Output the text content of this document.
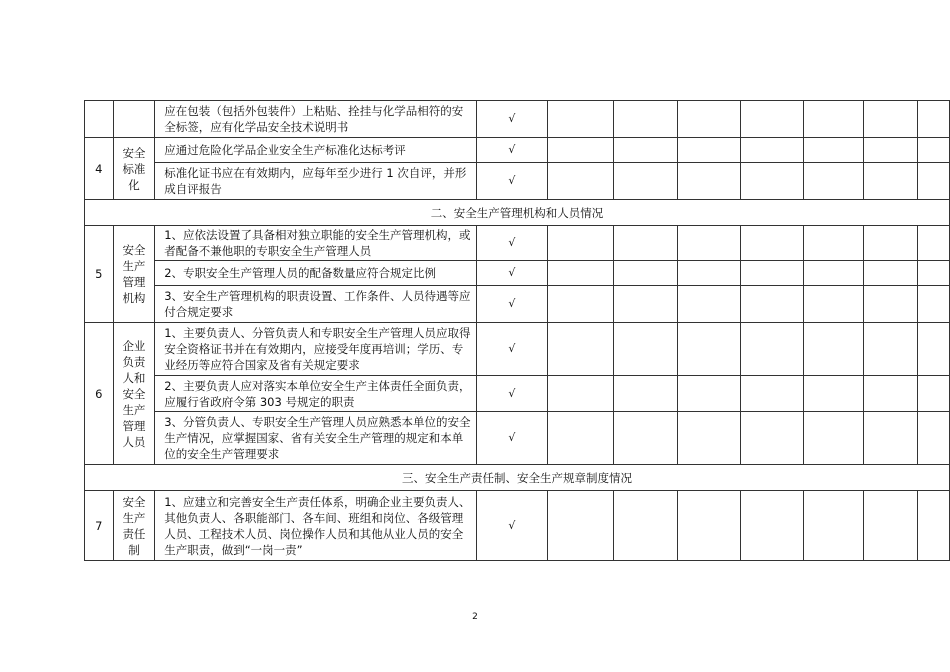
		应在包装（包括外包装件）上粘贴、拴挂与化学品相符的安全标签，应有化学品安全技术说明书	√							
4	安全标准化	应通过危险化学品企业安全生产标准化达标考评	√							
		标准化证书应在有效期内，应每年至少进行 1 次自评，并形成自评报告	√							
二、安全生产管理机构和人员情况										
5	安全生产管理机构	1、应依法设置了具备相对独立职能的安全生产管理机构，或者配备不兼他职的专职安全生产管理人员	√							
		2、专职安全生产管理人员的配备数量应符合规定比例	√							
		3、安全生产管理机构的职责设置、工作条件、人员待遇等应付合规定要求	√							
6	企业负责人和安全生产管理人员	1、主要负责人、分管负责人和专职安全生产管理人员应取得安全资格证书并在有效期内，应接受年度再培训；学历、专业经历等应符合国家及省有关规定要求	√							
		2、主要负责人应对落实本单位安全生产主体责任全面负责，应履行省政府令第 303 号规定的职责	√							
		3、分管负责人、专职安全生产管理人员应熟悉本单位的安全生产情况，应掌握国家、省有关安全生产管理的规定和本单位的安全生产管理要求	√							
三、安全生产责任制、安全生产规章制度情况										
7	安全生产责任制	1、应建立和完善安全生产责任体系，明确企业主要负责人、其他负责人、各职能部门、各车间、班组和岗位、各级管理人员、工程技术人员、岗位操作人员和其他从业人员的安全生产职责，做到“一岗一责”	√							
2
